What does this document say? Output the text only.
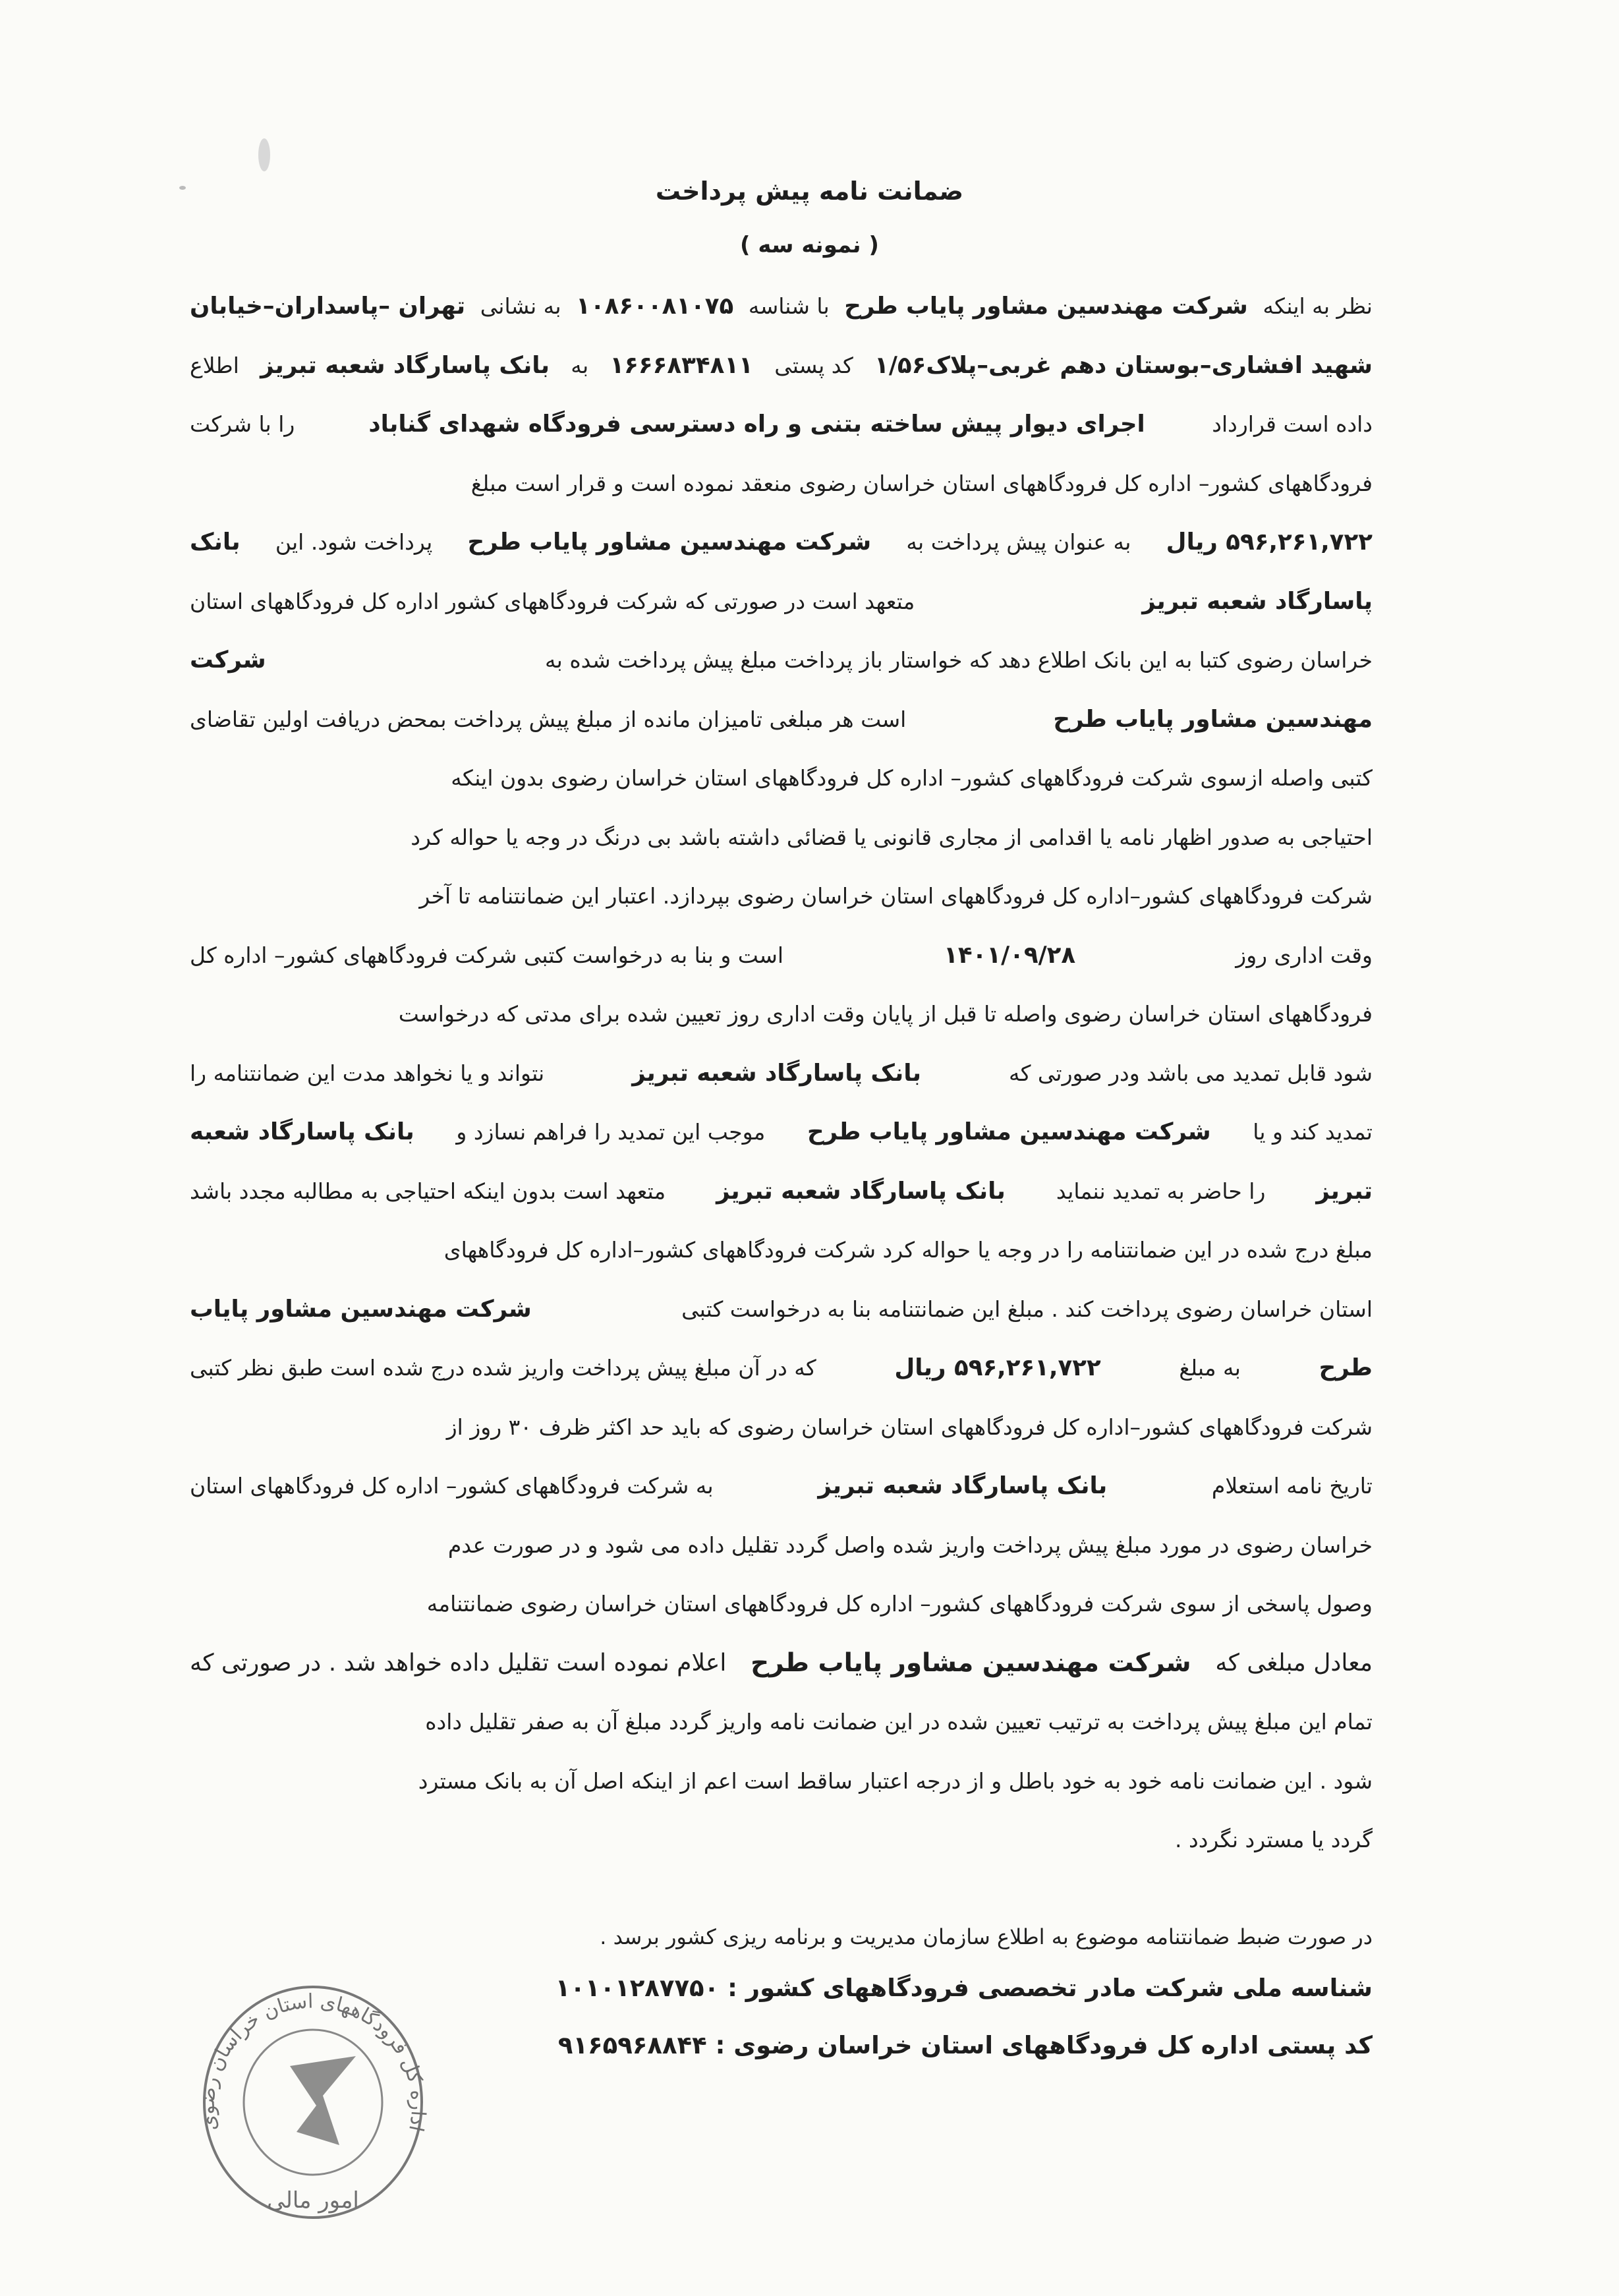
ضمانت نامه پیش پرداخت
( نمونه سه )
نظر به اینکه
شرکت مهندسین مشاور پایاب طرح
با شناسه
۱۰۸۶۰۰۸۱۰۷۵
به نشانی
تهران –پاسداران–خیابان
شهید افشاری–بوستان دهم غربی–پلاک۱/۵۶
کد پستی
۱۶۶۶۸۳۴۸۱۱
به
بانک پاسارگاد شعبه تبریز
اطلاع
داده است قرارداد
اجرای دیوار پیش ساخته بتنی و راه دسترسی فرودگاه شهدای گناباد
را با شرکت
فرودگاههای کشور– اداره کل فرودگاههای استان خراسان رضوی منعقد نموده است و قرار است مبلغ
۵۹۶,۲۶۱,۷۲۲ ریال
به عنوان پیش پرداخت به
شرکت مهندسین مشاور پایاب طرح
پرداخت شود. این
بانک
پاسارگاد شعبه تبریز
متعهد است در صورتی که شرکت فرودگاههای کشور اداره کل فرودگاههای استان
خراسان رضوی کتبا به این بانک اطلاع دهد که خواستار باز پرداخت مبلغ پیش پرداخت شده به
شرکت
مهندسین مشاور پایاب طرح
است هر مبلغی تامیزان مانده از مبلغ پیش پرداخت بمحض دریافت اولین تقاضای
کتبی واصله ازسوی شرکت فرودگاههای کشور– اداره کل فرودگاههای استان خراسان رضوی بدون اینکه
احتیاجی به صدور اظهار نامه یا اقدامی از مجاری قانونی یا قضائی داشته باشد بی درنگ در وجه یا حواله کرد
شرکت فرودگاههای کشور–اداره کل فرودگاههای استان خراسان رضوی بپردازد. اعتبار این ضمانتنامه تا آخر
وقت اداری روز
۱۴۰۱/۰۹/۲۸
است و بنا به درخواست کتبی شرکت فرودگاههای کشور– اداره کل
فرودگاههای استان خراسان رضوی واصله تا قبل از پایان وقت اداری روز تعیین شده برای مدتی که درخواست
شود قابل تمدید می باشد ودر صورتی که
بانک پاسارگاد شعبه تبریز
نتواند و یا نخواهد مدت این ضمانتنامه را
تمدید کند و یا
شرکت مهندسین مشاور پایاب طرح
موجب این تمدید را فراهم نسازد و
بانک پاسارگاد شعبه
تبریز
را حاضر به تمدید ننماید
بانک پاسارگاد شعبه تبریز
متعهد است بدون اینکه احتیاجی به مطالبه مجدد باشد
مبلغ درج شده در این ضمانتنامه را در وجه یا حواله کرد شرکت فرودگاههای کشور–اداره کل فرودگاههای
استان خراسان رضوی پرداخت کند . مبلغ این ضمانتنامه بنا به درخواست کتبی
شرکت مهندسین مشاور پایاب
طرح
به مبلغ
۵۹۶,۲۶۱,۷۲۲ ریال
که در آن مبلغ پیش پرداخت واریز شده درج شده است طبق نظر کتبی
شرکت فرودگاههای کشور–اداره کل فرودگاههای استان خراسان رضوی که باید حد اکثر ظرف ۳۰ روز از
تاریخ نامه استعلام
بانک پاسارگاد شعبه تبریز
به شرکت فرودگاههای کشور– اداره کل فرودگاههای استان
خراسان رضوی در مورد مبلغ پیش پرداخت واریز شده واصل گردد تقلیل داده می شود و در صورت عدم
وصول پاسخی از سوی شرکت فرودگاههای کشور– اداره کل فرودگاههای استان خراسان رضوی ضمانتنامه
معادل مبلغی که
شرکت مهندسین مشاور پایاب طرح
اعلام نموده است تقلیل داده خواهد شد . در صورتی که
تمام این مبلغ پیش پرداخت به ترتیب تعیین شده در این ضمانت نامه واریز گردد مبلغ آن به صفر تقلیل داده
شود . این ضمانت نامه خود به خود باطل و از درجه اعتبار ساقط است اعم از اینکه اصل آن به بانک مسترد
گردد یا مسترد نگردد .
در صورت ضبط ضمانتنامه موضوع به اطلاع سازمان مدیریت و برنامه ریزی کشور برسد .
شناسه ملی شرکت مادر تخصصی فرودگاههای کشور : ۱۰۱۰۱۲۸۷۷۵۰
کد پستی اداره کل فرودگاههای استان خراسان رضوی : ۹۱۶۵۹۶۸۸۴۴
اداره کل فرودگاههای استان خراسان رضوی
امور مالی
